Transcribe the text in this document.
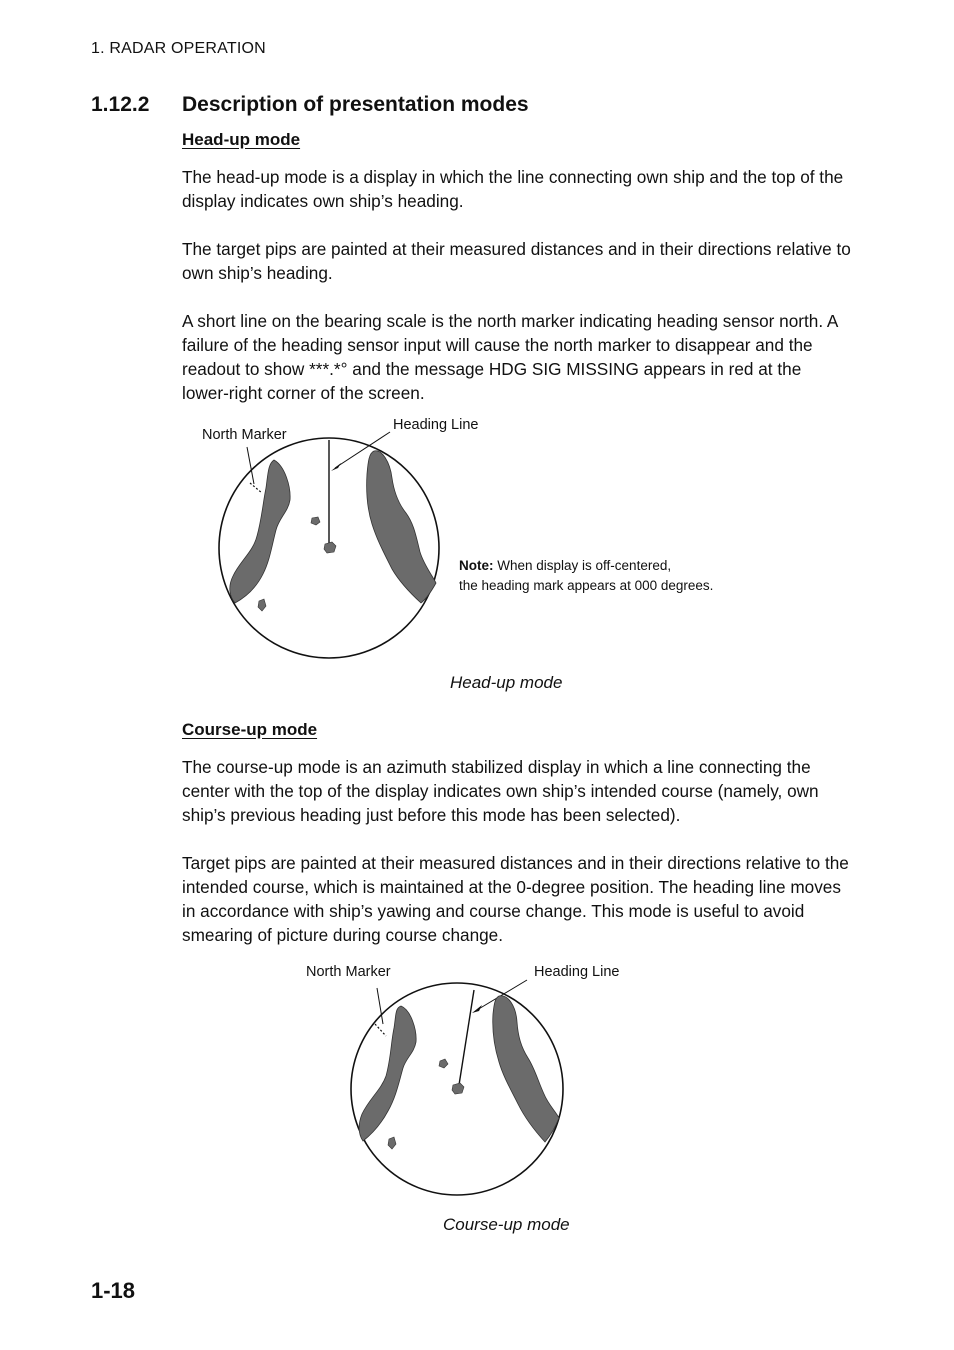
1. RADAR OPERATION
1.12.2 Description of presentation modes
Head-up mode

The head-up mode is a display in which the line connecting own ship and the top of the display indicates own ship’s heading.

The target pips are painted at their measured distances and in their directions relative to own ship’s heading.

A short line on the bearing scale is the north marker indicating heading sensor north. A failure of the heading sensor input will cause the north marker to disappear and the readout to show ***.*° and the message HDG SIG MISSING appears in red at the lower-right corner of the screen.

North Marker
Heading Line
Note: When display is off-centered,
the heading mark appears at 000 degrees.
Head-up mode
Course-up mode

The course-up mode is an azimuth stabilized display in which a line connecting the center with the top of the display indicates own ship’s intended course (namely, own ship’s previous heading just before this mode has been selected).

Target pips are painted at their measured distances and in their directions relative to the intended course, which is maintained at the 0-degree position. The heading line moves in accordance with ship’s yawing and course change. This mode is useful to avoid smearing of picture during course change.

North Marker	Heading Line
Course-up mode
1-18
